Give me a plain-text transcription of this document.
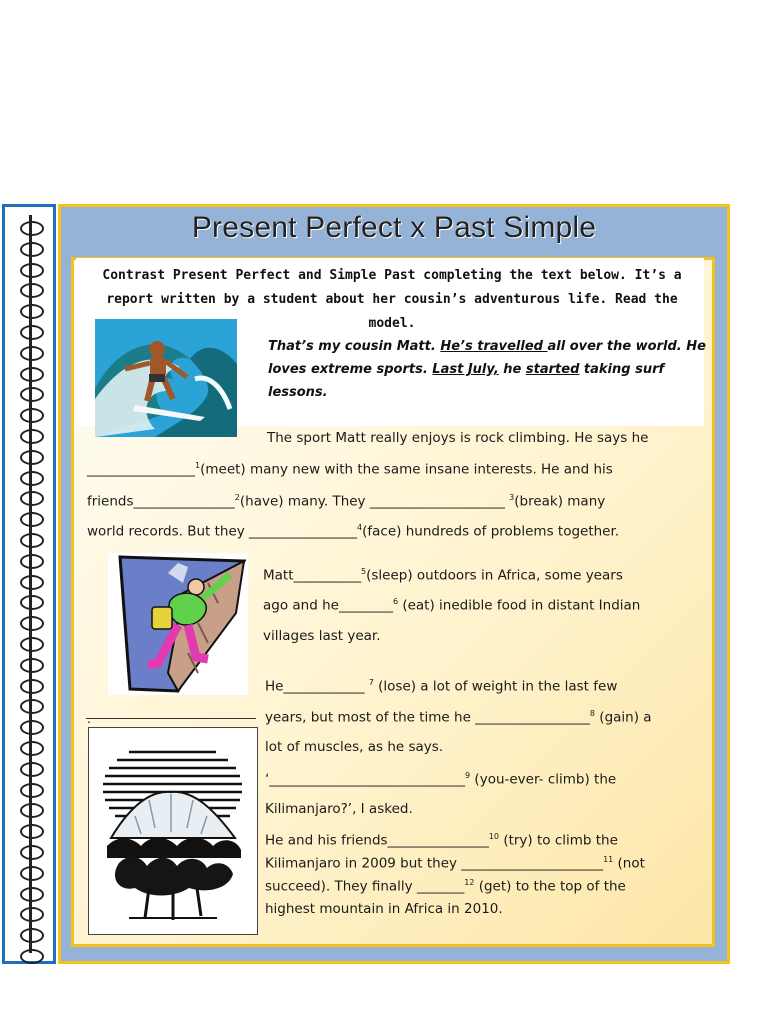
Present Perfect x Past Simple
Contrast Present Perfect and Simple Past completing the text below. It’s a report written by a student about her cousin’s adventurous life. Read the model.
That’s my cousin Matt. He’s travelled all over the world. He loves extreme sports. Last July, he started taking surf lessons.
The sport Matt really enjoys is rock climbing. He says he
________________$^1$(meet) many new with the same insane interests. He and his
friends_______________$^2$(have) many. They ____________________ $^3$(break) many
world records. But they ________________$^4$(face) hundreds of problems together.
Matt__________$^5$(sleep) outdoors in Africa, some years
ago and he________$^6$ (eat) inedible food in distant Indian
villages last year.
He____________ $^7$ (lose) a lot of weight in the last few
.	years, but most of the time he _________________$^8$ (gain) a
lot of muscles, as he says.
‘_____________________________$^9$ (you-ever- climb) the
Kilimanjaro?’, I asked.
He and his friends_______________$^{10}$ (try) to climb the
Kilimanjaro in 2009 but they _____________________$^{11}$ (not
succeed). They finally _______$^{12}$ (get) to the top of the
highest mountain in Africa in 2010.
